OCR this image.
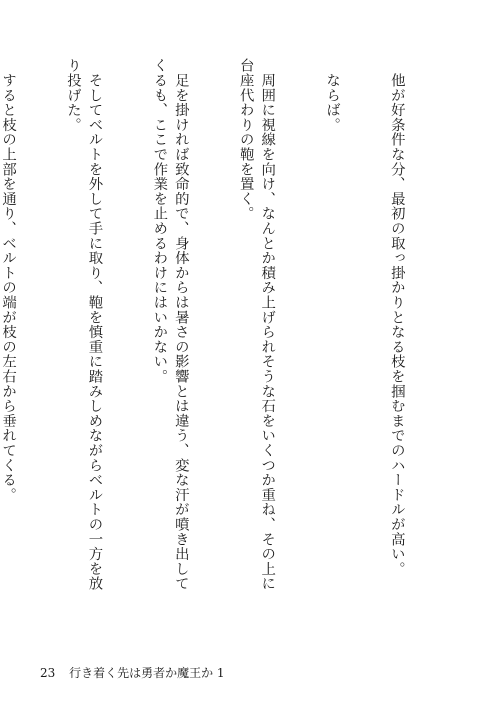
　他が好条件な分、最初の取っ掛かりとなる枝を掴むまでのハードルが高い。

　ならば。

　周囲に視線を向け、なんとか積み上げられそうな石をいくつか重ね、その上に台座代わりの鞄を置く。

　足を掛ければ致命的で、身体からは暑さの影響とは違う、変な汗が噴き出してくるも、ここで作業を止めるわけにはいかない。

　そしてベルトを外して手に取り、鞄を慎重に踏みしめながらベルトの一方を放り投げた。

　すると枝の上部を通り、ベルトの端が枝の左右から垂れてくる。

23 行き着く先は勇者か魔王か 1
